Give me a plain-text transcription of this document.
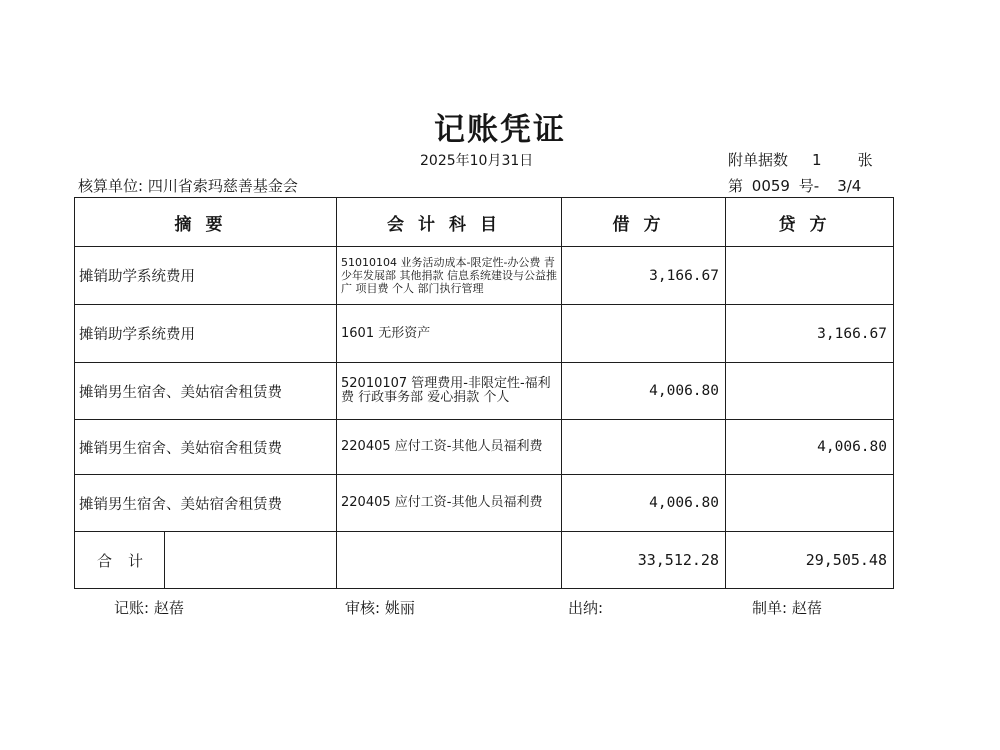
记账凭证
2025年10月31日	附单据数 1 张
核算单位: 四川省索玛慈善基金会	第 0059 号- 3/4
摘要		会计科目	借方	贷方
摊销助学系统费用		51010104 业务活动成本-限定性-办公费 青少年发展部 其他捐款 信息系统建设与公益推广 项目费 个人 部门执行管理	3,166.67	
摊销助学系统费用		1601 无形资产		3,166.67
摊销男生宿舍、美姑宿舍租赁费		52010107 管理费用-非限定性-福利费 行政事务部 爱心捐款 个人	4,006.80	
摊销男生宿舍、美姑宿舍租赁费		220405 应付工资-其他人员福利费		4,006.80
摊销男生宿舍、美姑宿舍租赁费		220405 应付工资-其他人员福利费	4,006.80	
合计			33,512.28	29,505.48
记账: 赵蓓	审核: 姚丽	出纳:	制单: 赵蓓
